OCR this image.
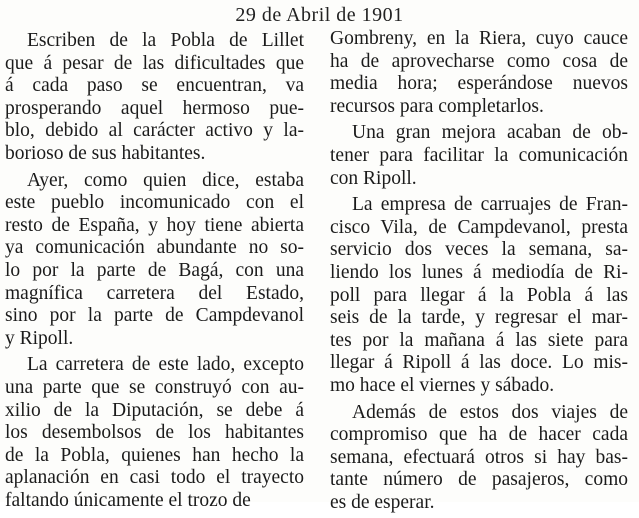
29 de Abril de 1901
Escriben de la Pobla de Lillet
que á pesar de las dificultades que
á cada paso se encuentran, va
prosperando aquel hermoso pue-
blo, debido al carácter activo y la-
borioso de sus habitantes.
Ayer, como quien dice, estaba
este pueblo incomunicado con el
resto de España, y hoy tiene abierta
ya comunicación abundante no so-
lo por la parte de Bagá, con una
magnífica carretera del Estado,
sino por la parte de Campdevanol
y Ripoll.
La carretera de este lado, excepto
una parte que se construyó con au-
xilio de la Diputación, se debe á
los desembolsos de los habitantes
de la Pobla, quienes han hecho la
aplanación en casi todo el trayecto
faltando únicamente el trozo de
Gombreny, en la Riera, cuyo cauce
ha de aprovecharse como cosa de
media hora; esperándose nuevos
recursos para completarlos.
Una gran mejora acaban de ob-
tener para facilitar la comunicación
con Ripoll.
La empresa de carruajes de Fran-
cisco Vila, de Campdevanol, presta
servicio dos veces la semana, sa-
liendo los lunes á mediodía de Ri-
poll para llegar á la Pobla á las
seis de la tarde, y regresar el mar-
tes por la mañana á las siete para
llegar á Ripoll á las doce. Lo mis-
mo hace el viernes y sábado.
Además de estos dos viajes de
compromiso que ha de hacer cada
semana, efectuará otros si hay bas-
tante número de pasajeros, como
es de esperar.
